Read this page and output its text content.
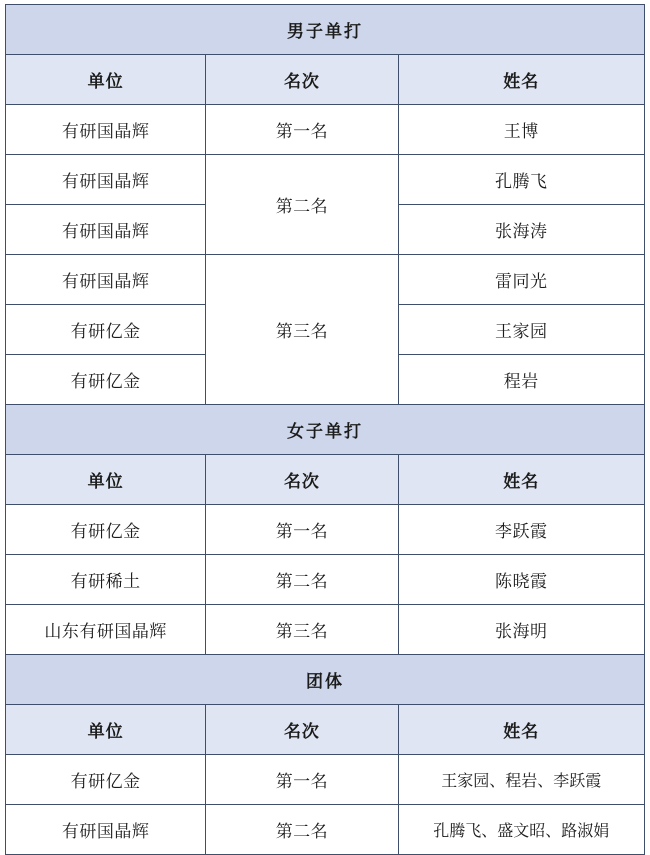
男子单打		
单位	名次	姓名
有研国晶辉	第一名	王博
有研国晶辉	第二名	孔腾飞
有研国晶辉		张海涛
有研国晶辉	第三名	雷同光
有研亿金		王家园
有研亿金		程岩
女子单打		
单位	名次	姓名
有研亿金	第一名	李跃霞
有研稀土	第二名	陈晓霞
山东有研国晶辉	第三名	张海明
团体		
单位	名次	姓名
有研亿金	第一名	王家园、程岩、李跃霞
有研国晶辉	第二名	孔腾飞、盛文昭、路淑娟
